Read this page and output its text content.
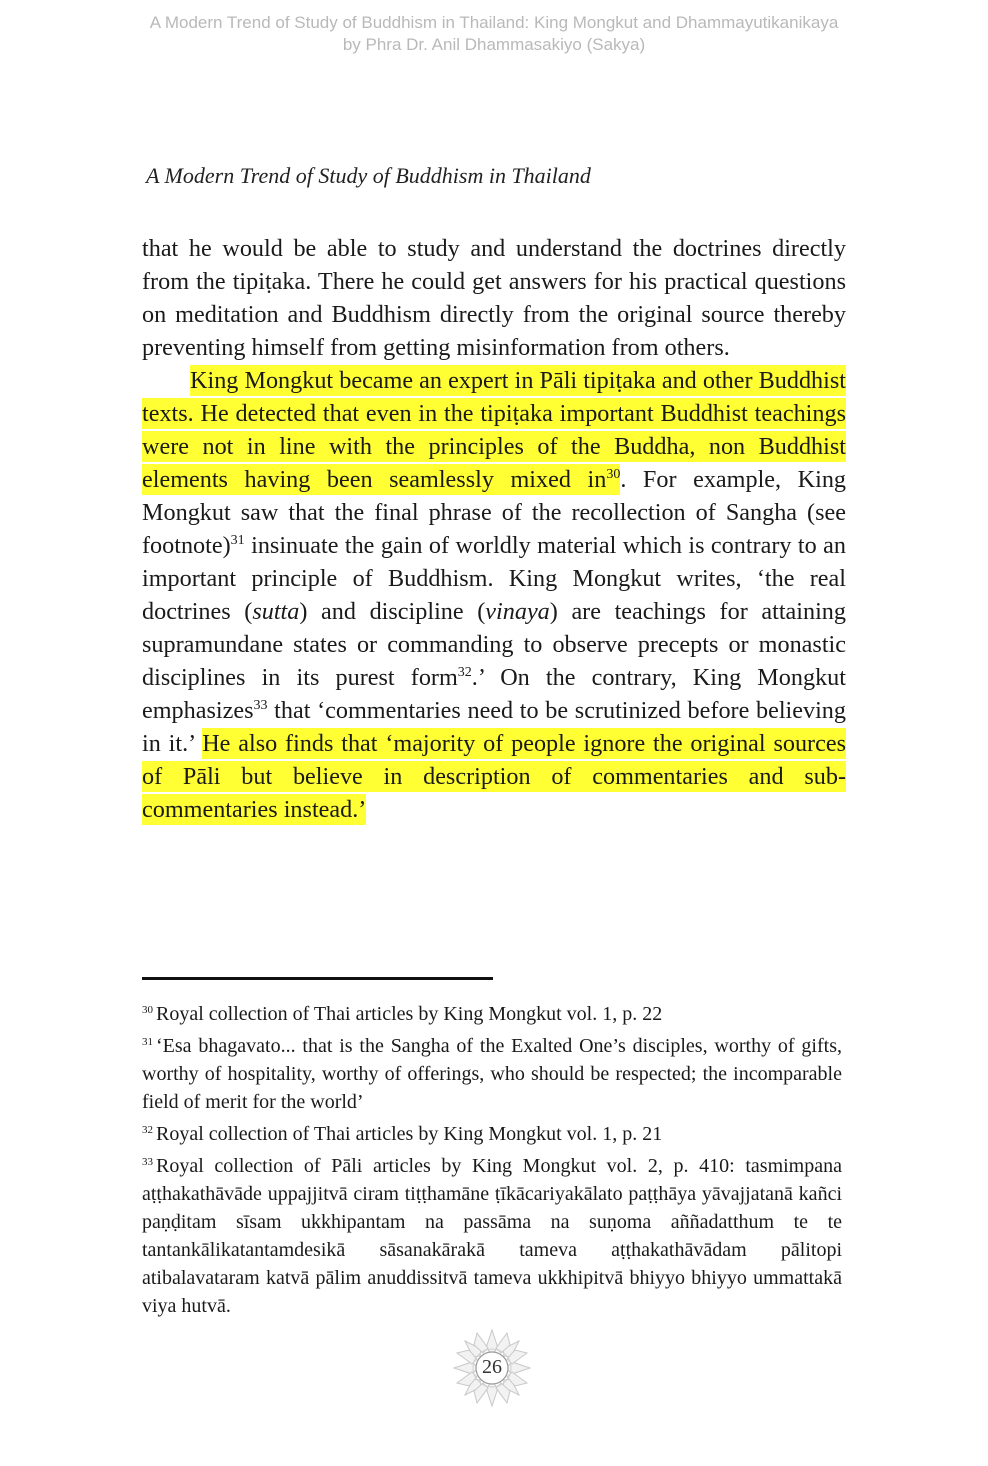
A Modern Trend of Study of Buddhism in Thailand: King Mongkut and Dhammayutikanikaya
by Phra Dr. Anil Dhammasakiyo (Sakya)
A Modern Trend of Study of Buddhism in Thailand

that he would be able to study and understand the doctrines directly from the tipiṭaka. There he could get answers for his practical questions on meditation and Buddhism directly from the original source thereby preventing himself from getting misinformation from others.

King Mongkut became an expert in Pāli tipiṭaka and other Buddhist texts. He detected that even in the tipiṭaka important Buddhist teachings were not in line with the principles of the Buddha, non Buddhist elements having been seamlessly mixed $in^{30}$. For example, King Mongkut saw that the final phrase of the recollection of Sangha (see footnote)$^{31}$ insinuate the gain of worldly material which is contrary to an important principle of Buddhism. King Mongkut writes, ‘the real doctrines (sutta) and discipline (vinaya) are teachings for attaining supramundane states or commanding to observe precepts or monastic disciplines in its purest form$^{32}$.’ On the contrary, King Mongkut emphasizes$^{33}$ that ‘commentaries need to be scrutinized before believing in it.’ He also finds that ‘majority of people ignore the original sources of Pāli but believe in description of commentaries and sub-commentaries instead.’

$^{30}$ Royal collection of Thai articles by King Mongkut vol. 1, p. 22

$^{31}$ ‘Esa bhagavato... that is the Sangha of the Exalted One’s disciples, worthy of gifts, worthy of hospitality, worthy of offerings, who should be respected; the incomparable field of merit for the world’

$^{32}$ Royal collection of Thai articles by King Mongkut vol. 1, p. 21

$^{33}$ Royal collection of Pāli articles by King Mongkut vol. 2, p. 410: tasmimpana aṭṭhakathāvāde uppajjitvā ciram tiṭṭhamāne ṭīkācariyakālato paṭṭhāya yāvajjatanā kañci paṇḍitam sīsam ukkhipantam na passāma na suṇoma aññadatthum te te tantankālikatantamdesikā sāsanakārakā tameva aṭṭhakathāvādam pālitopi atibalavataram katvā pālim anuddissitvā tameva ukkhipitvā bhiyyo bhiyyo ummattakā viya hutvā.

26
